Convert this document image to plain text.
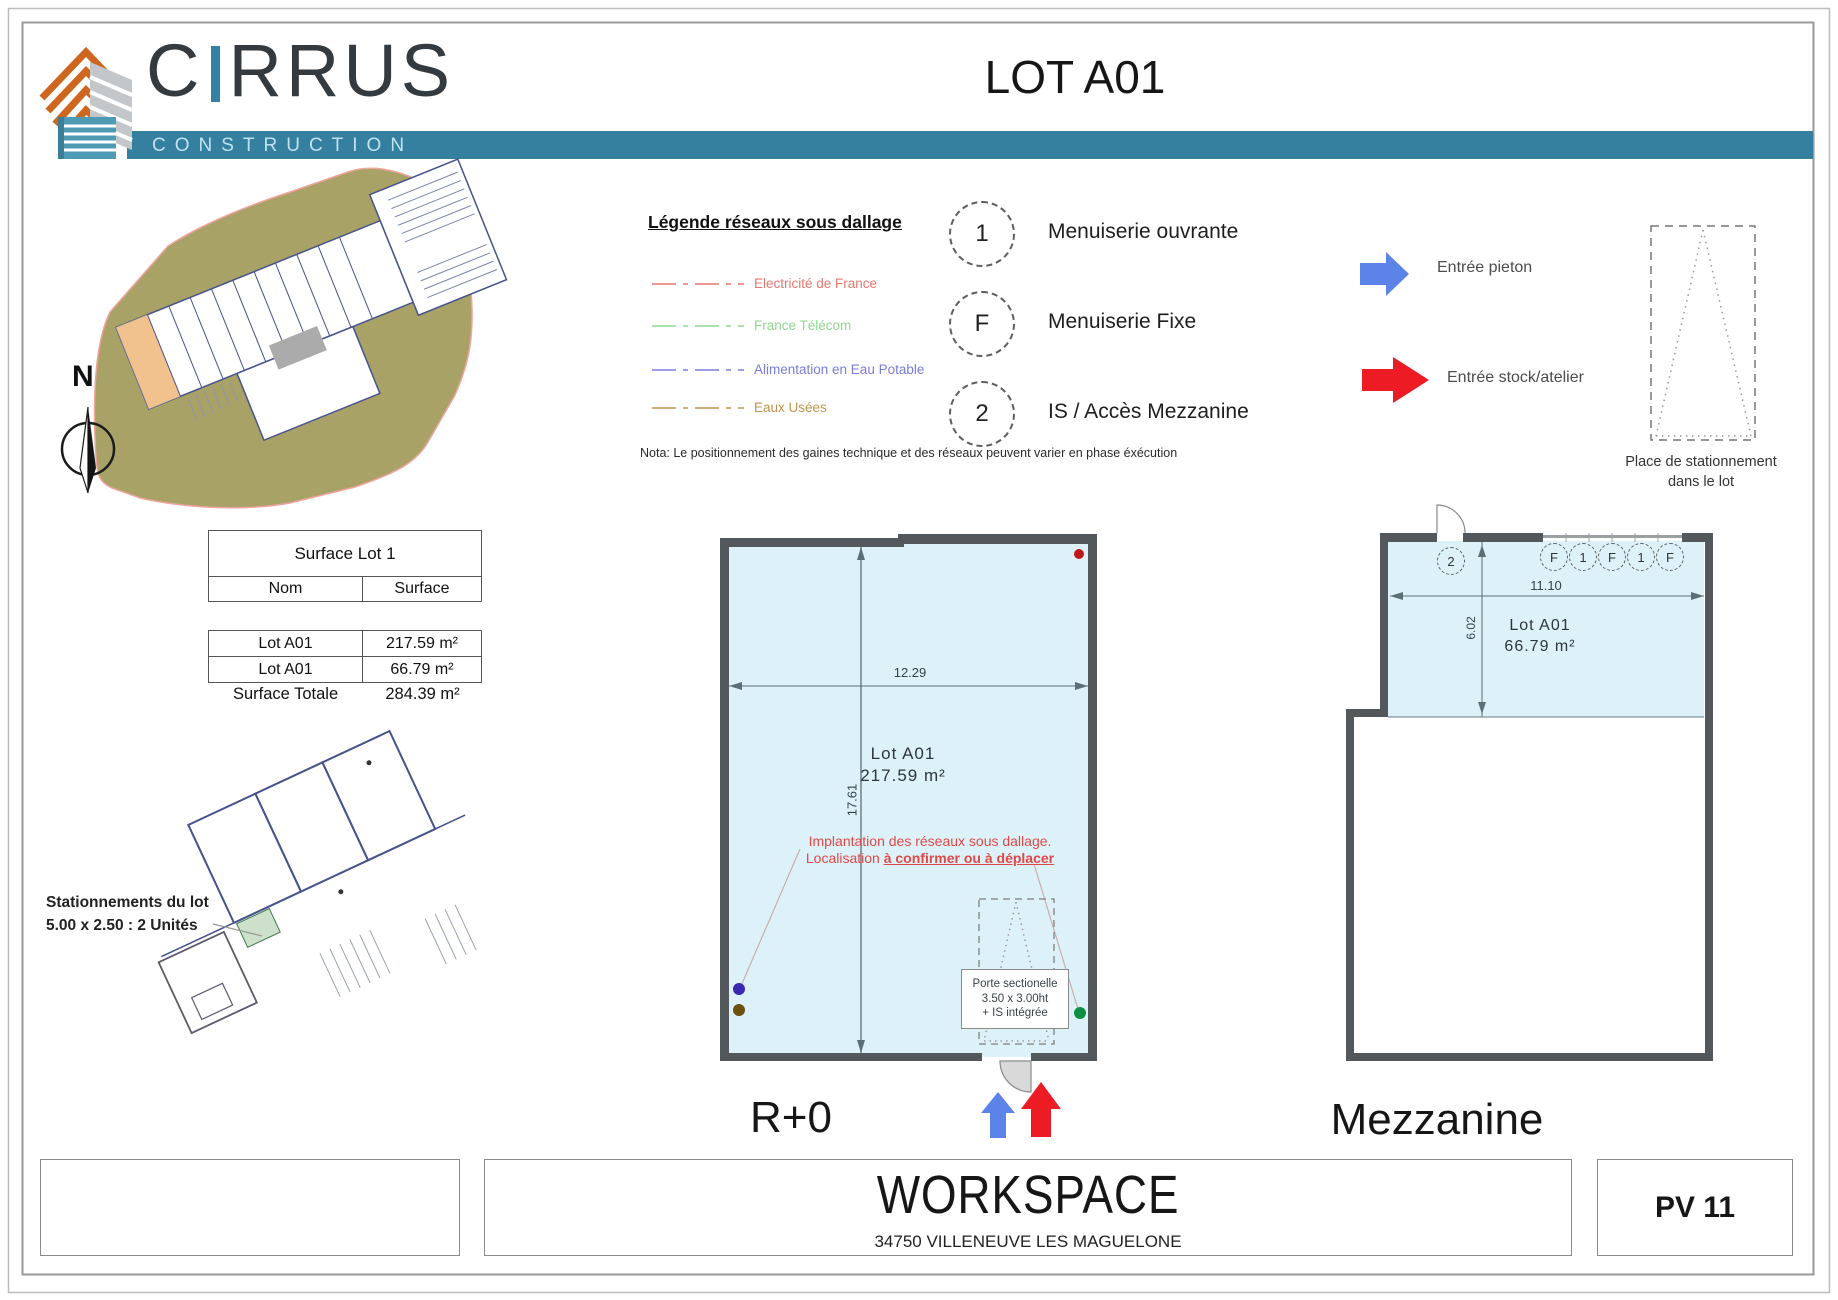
C RRUS
CONSTRUCTION
LOT A01
Légende réseaux sous dallage
Electricité de France
France Télécom
Alimentation en Eau Potable
Eaux Usées
Nota: Le positionnement des gaines technique et des réseaux peuvent varier en phase éxécution
1	Menuiserie ouvrante
F	Menuiserie Fixe
2	IS / Accès Mezzanine
Entrée pieton
Entrée stock/atelier
Place de stationnement
dans le lot
Surface Lot 1
Nom	Surface
Lot A01	217.59 m²
Lot A01	66.79 m²
Surface Totale	284.39 m²
N
Stationnements du lot
5.00 x 2.50 : 2 Unités
12.29
17.61
Lot A01
217.59 m²
Implantation des réseaux sous dallage.
Localisation à confirmer ou à déplacer
Porte sectionelle
3.50 x 3.00ht
+ IS intégrée
R+0
2	F 1 F 1 F
11.10
6.02 Lot A01
66.79 m²
Mezzanine
WORKSPACE
34750 VILLENEUVE LES MAGUELONE
PV 11
